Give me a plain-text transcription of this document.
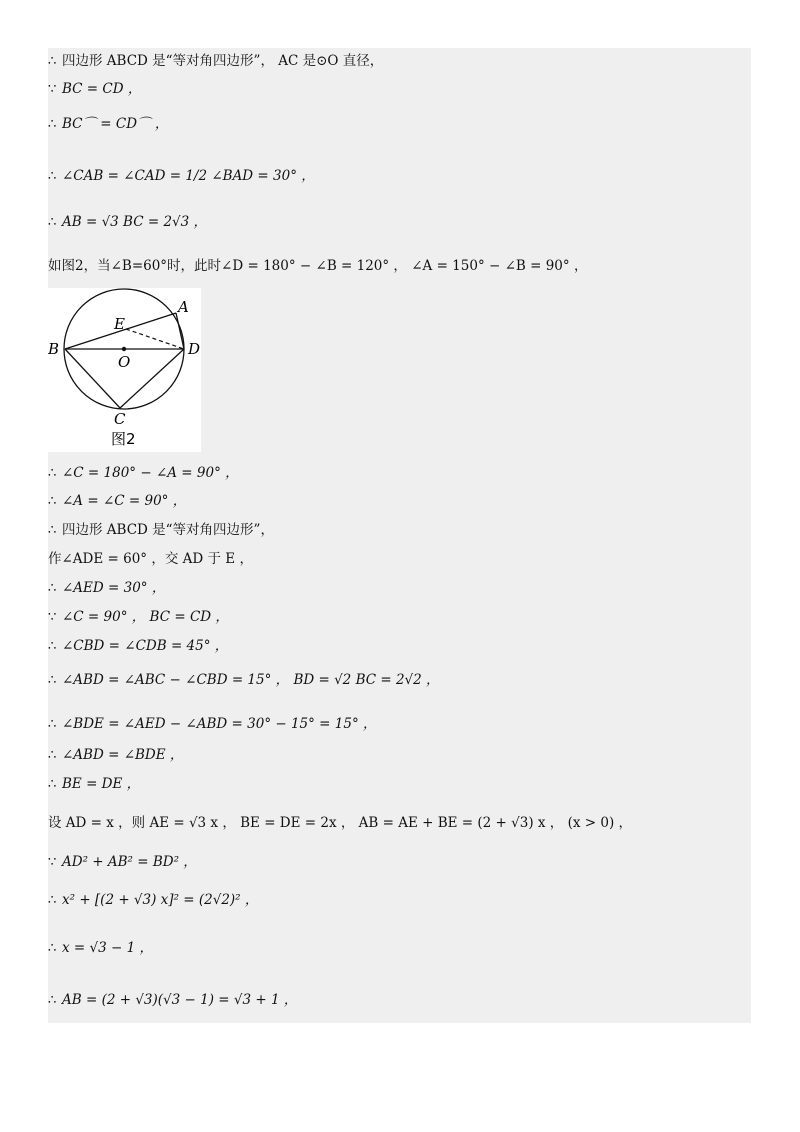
∴ 四边形 ABCD 是“等对角四边形”， AC 是⊙O 直径，
∵ BC = CD ，
∴ BC⌒ = CD⌒ ，
∴ ∠CAB = ∠CAD = 1/2 ∠BAD = 30° ，
∴ AB = √3 BC = 2√3 ，
如图2，当∠B=60°时，此时∠D = 180° − ∠B = 120° ， ∠A = 150° − ∠B = 90° ，
A
B
C
D
E
O
图2
∴ ∠C = 180° − ∠A = 90° ，
∴ ∠A = ∠C = 90° ，
∴ 四边形 ABCD 是“等对角四边形”，
作∠ADE = 60° ，交 AD 于 E ，
∴ ∠AED = 30° ，
∵ ∠C = 90° ， BC = CD ，
∴ ∠CBD = ∠CDB = 45° ，
∴ ∠ABD = ∠ABC − ∠CBD = 15° ， BD = √2 BC = 2√2 ，
∴ ∠BDE = ∠AED − ∠ABD = 30° − 15° = 15° ，
∴ ∠ABD = ∠BDE ，
∴ BE = DE ，
设 AD = x ，则 AE = √3 x ， BE = DE = 2x ， AB = AE + BE = (2 + √3) x ， (x > 0) ，
∵ AD² + AB² = BD² ，
∴ x² + [(2 + √3) x]² = (2√2)² ，
∴ x = √3 − 1 ，
∴ AB = (2 + √3)(√3 − 1) = √3 + 1 ，
